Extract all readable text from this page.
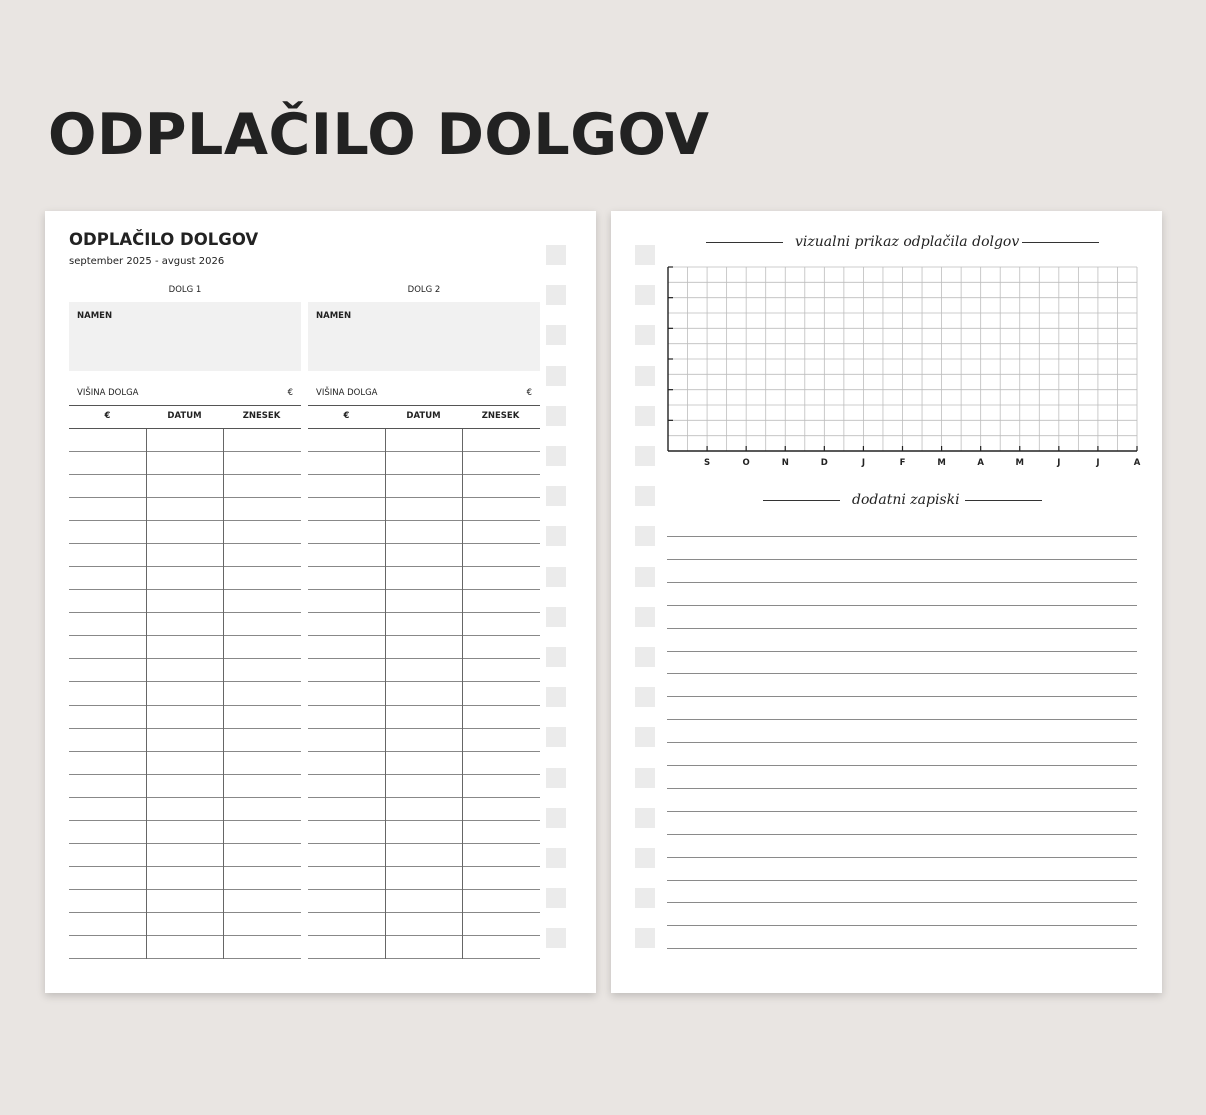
ODPLAČILO DOLGOV
ODPLAČILO DOLGOV
september 2025 - avgust 2026
DOLG 1
NAMEN
VIŠINA DOLGA	€
€	DATUM	ZNESEK
DOLG 2
NAMEN
VIŠINA DOLGA	€
€	DATUM	ZNESEK
vizualni prikaz odplačila dolgov
S	O	N	D	J	F	M	A	M	J	J	A
dodatni zapiski
